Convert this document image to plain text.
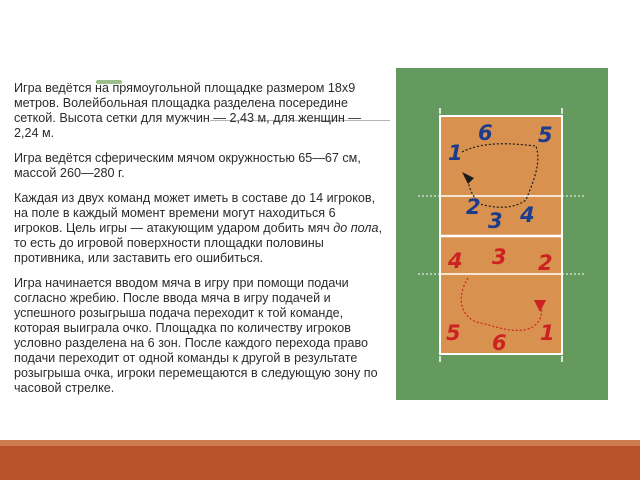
Игра ведётся на прямоугольной площадке размером 18х9 метров. Волейбольная площадка разделена посередине сеткой. Высота сетки для мужчин — 2,43 м, для женщин — 2,24 м.

Игра ведётся сферическим мячом окружностью 65—67 см, массой 260—280 г.

Каждая из двух команд может иметь в составе до 14 игроков, на поле в каждый момент времени могут находиться 6 игроков. Цель игры — атакующим ударом добить мяч до пола, то есть до игровой поверхности площадки половины противника, или заставить его ошибиться.

Игра начинается вводом мяча в игру при помощи подачи согласно жребию. После ввода мяча в игру подачей и успешного розыгрыша подача переходит к той команде, которая выиграла очко. Площадка по количеству игроков условно разделена на 6 зон. После каждого перехода право подачи переходит от одной команды к другой в результате розыгрыша очка, игроки перемещаются в следующую зону по часовой стрелке.

1
6 5
2
3 4
4 3 2
5 6 1
